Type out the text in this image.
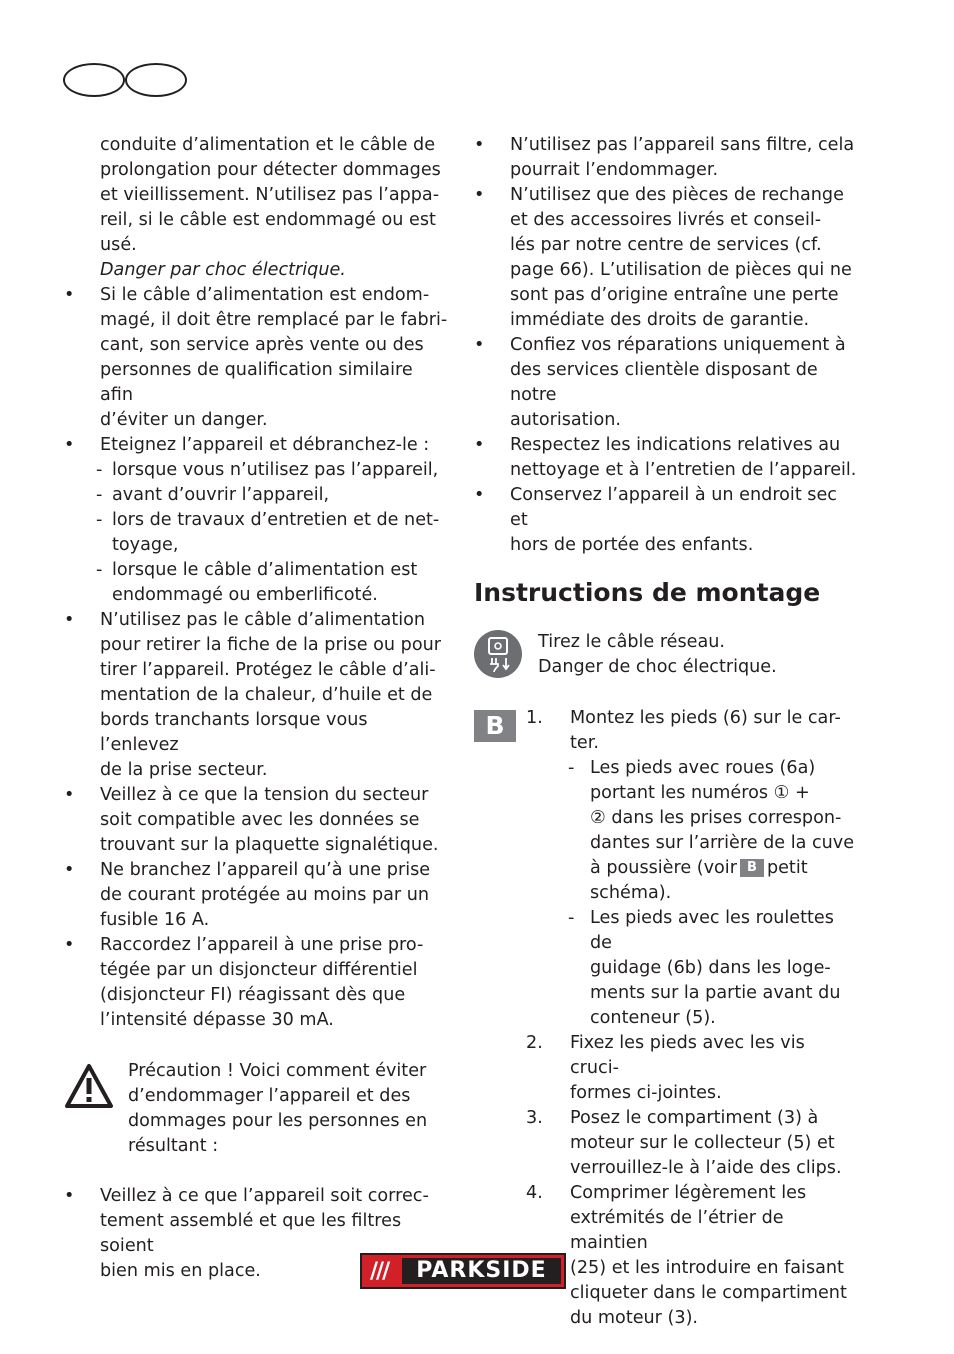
conduite d’alimentation et le câble de
prolongation pour détecter dommages
et vieillissement. N’utilisez pas l’appa-
reil, si le câble est endommagé ou est
usé.
Danger par choc électrique.
• Si le câble d’alimentation est endom-
magé, il doit être remplacé par le fabri-
cant, son service après vente ou des
personnes de qualification similaire afin
d’éviter un danger.
• Eteignez l’appareil et débranchez-le :
- lorsque vous n’utilisez pas l’appareil,
- avant d’ouvrir l’appareil,
- lors de travaux d’entretien et de net-
toyage,
- lorsque le câble d’alimentation est
endommagé ou emberlificoté.
• N’utilisez pas le câble d’alimentation
pour retirer la fiche de la prise ou pour
tirer l’appareil. Protégez le câble d’ali-
mentation de la chaleur, d’huile et de
bords tranchants lorsque vous l’enlevez
de la prise secteur.
• Veillez à ce que la tension du secteur
soit compatible avec les données se
trouvant sur la plaquette signalétique.
• Ne branchez l’appareil qu’à une prise
de courant protégée au moins par un
fusible 16 A.
• Raccordez l’appareil à une prise pro-
tégée par un disjoncteur différentiel
(disjoncteur FI) réagissant dès que
l’intensité dépasse 30 mA.
Précaution ! Voici comment éviter
d’endommager l’appareil et des
dommages pour les personnes en
résultant :
• Veillez à ce que l’appareil soit correc-
tement assemblé et que les filtres soient
bien mis en place.
• N’utilisez pas l’appareil sans filtre, cela
pourrait l’endommager.
• N’utilisez que des pièces de rechange
et des accessoires livrés et conseil-
lés par notre centre de services (cf.
page 66). L’utilisation de pièces qui ne
sont pas d’origine entraîne une perte
immédiate des droits de garantie.
• Confiez vos réparations uniquement à
des services clientèle disposant de notre
autorisation.
• Respectez les indications relatives au
nettoyage et à l’entretien de l’appareil.
• Conservez l’appareil à un endroit sec et
hors de portée des enfants.
Instructions de montage
Tirez le câble réseau.
Danger de choc électrique.
B	1. Montez les pieds (6) sur le car-
ter.
- Les pieds avec roues (6a)
portant les numéros ① +
② dans les prises correspon-
dantes sur l’arrière de la cuve
à poussière (voir B petit
schéma).
- Les pieds avec les roulettes de
guidage (6b) dans les loge-
ments sur la partie avant du
conteneur (5).
2. Fixez les pieds avec les vis cruci-
formes ci-jointes.
3. Posez le compartiment (3) à
moteur sur le collecteur (5) et
verrouillez-le à l’aide des clips.
4. Comprimer légèrement les
extrémités de l’étrier de maintien
(25) et les introduire en faisant
cliqueter dans le compartiment
du moteur (3).
///	PARKSIDE
